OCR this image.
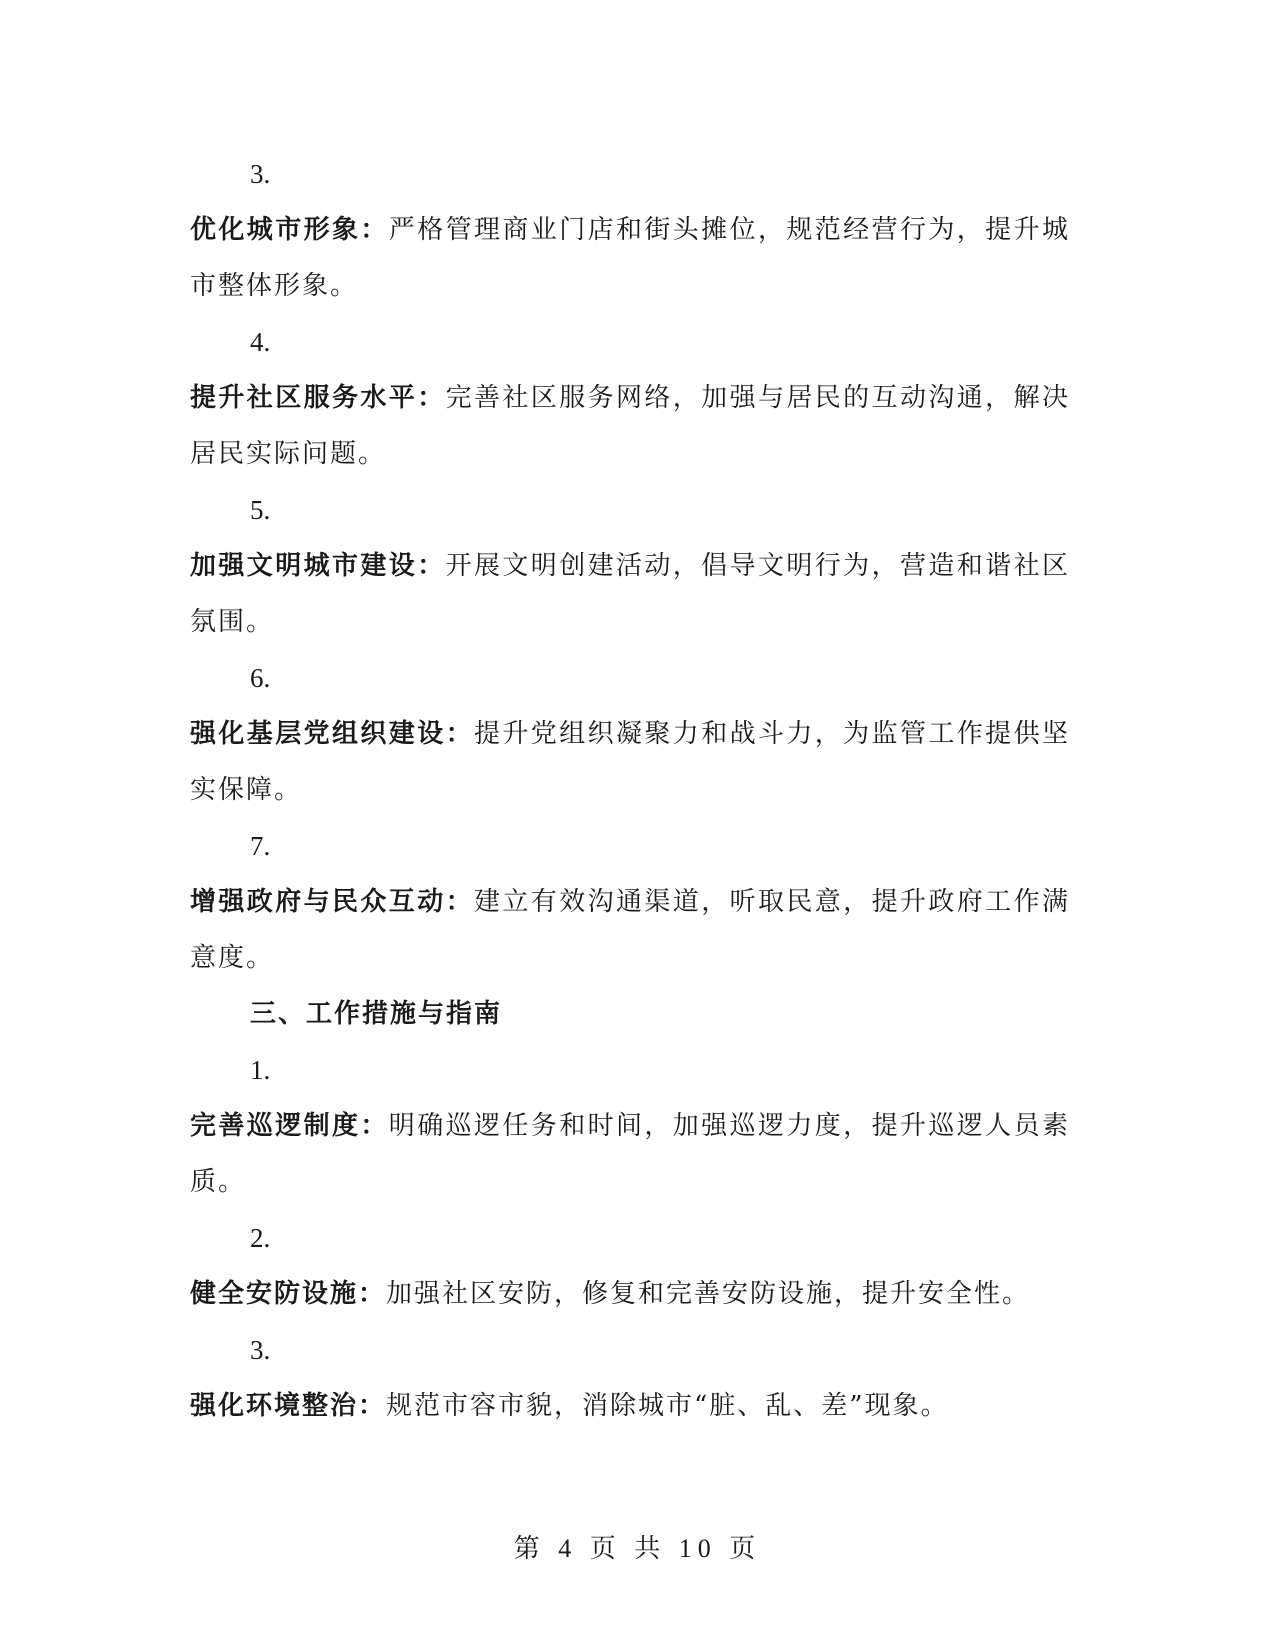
3.

优化城市形象：严格管理商业门店和街头摊位，规范经营行为，提升城市整体形象。

4.

提升社区服务水平：完善社区服务网络，加强与居民的互动沟通，解决居民实际问题。

5.

加强文明城市建设：开展文明创建活动，倡导文明行为，营造和谐社区氛围。

6.

强化基层党组织建设：提升党组织凝聚力和战斗力，为监管工作提供坚实保障。

7.

增强政府与民众互动：建立有效沟通渠道，听取民意，提升政府工作满意度。

三、工作措施与指南
1.

完善巡逻制度：明确巡逻任务和时间，加强巡逻力度，提升巡逻人员素质。

2.

健全安防设施：加强社区安防，修复和完善安防设施，提升安全性。

3.

强化环境整治：规范市容市貌，消除城市“脏、乱、差”现象。

第 4 页 共 10 页
